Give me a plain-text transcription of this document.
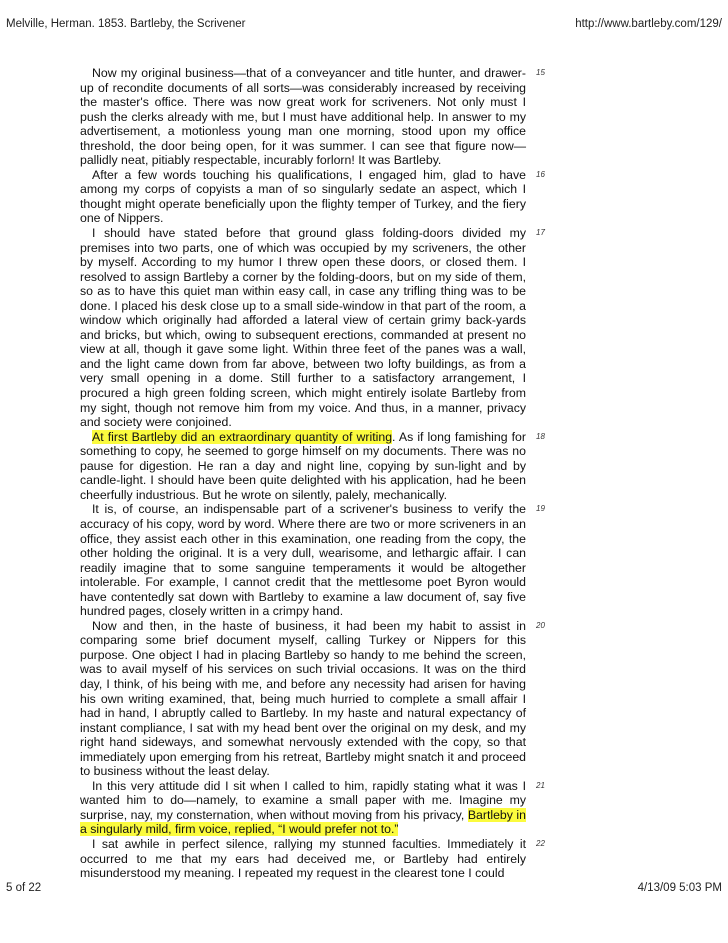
Melville, Herman. 1853. Bartleby, the Scrivener	http://www.bartleby.com/129/

Now my original business—that of a conveyancer and title hunter, and drawer-up of recondite documents of all sorts—was considerably increased by receiving the master's office. There was now great work for scriveners. Not only must I push the clerks already with me, but I must have additional help. In answer to my advertisement, a motionless young man one morning, stood upon my office threshold, the door being open, for it was summer. I can see that figure now—pallidly neat, pitiably respectable, incurably forlorn! It was Bartleby.
15

After a few words touching his qualifications, I engaged him, glad to have among my corps of copyists a man of so singularly sedate an aspect, which I thought might operate beneficially upon the flighty temper of Turkey, and the fiery one of Nippers.
16

I should have stated before that ground glass folding-doors divided my premises into two parts, one of which was occupied by my scriveners, the other by myself. According to my humor I threw open these doors, or closed them. I resolved to assign Bartleby a corner by the folding-doors, but on my side of them, so as to have this quiet man within easy call, in case any trifling thing was to be done. I placed his desk close up to a small side-window in that part of the room, a window which originally had afforded a lateral view of certain grimy back-yards and bricks, but which, owing to subsequent erections, commanded at present no view at all, though it gave some light. Within three feet of the panes was a wall, and the light came down from far above, between two lofty buildings, as from a very small opening in a dome. Still further to a satisfactory arrangement, I procured a high green folding screen, which might entirely isolate Bartleby from my sight, though not remove him from my voice. And thus, in a manner, privacy and society were conjoined.
17

At first Bartleby did an extraordinary quantity of writing. As if long famishing for something to copy, he seemed to gorge himself on my documents. There was no pause for digestion. He ran a day and night line, copying by sun-light and by candle-light. I should have been quite delighted with his application, had he been cheerfully industrious. But he wrote on silently, palely, mechanically.
18

It is, of course, an indispensable part of a scrivener's business to verify the accuracy of his copy, word by word. Where there are two or more scriveners in an office, they assist each other in this examination, one reading from the copy, the other holding the original. It is a very dull, wearisome, and lethargic affair. I can readily imagine that to some sanguine temperaments it would be altogether intolerable. For example, I cannot credit that the mettlesome poet Byron would have contentedly sat down with Bartleby to examine a law document of, say five hundred pages, closely written in a crimpy hand.
19

Now and then, in the haste of business, it had been my habit to assist in comparing some brief document myself, calling Turkey or Nippers for this purpose. One object I had in placing Bartleby so handy to me behind the screen, was to avail myself of his services on such trivial occasions. It was on the third day, I think, of his being with me, and before any necessity had arisen for having his own writing examined, that, being much hurried to complete a small affair I had in hand, I abruptly called to Bartleby. In my haste and natural expectancy of instant compliance, I sat with my head bent over the original on my desk, and my right hand sideways, and somewhat nervously extended with the copy, so that immediately upon emerging from his retreat, Bartleby might snatch it and proceed to business without the least delay.
20

In this very attitude did I sit when I called to him, rapidly stating what it was I wanted him to do—namely, to examine a small paper with me. Imagine my surprise, nay, my consternation, when without moving from his privacy, Bartleby in a singularly mild, firm voice, replied, “I would prefer not to.”
21

I sat awhile in perfect silence, rallying my stunned faculties. Immediately it occurred to me that my ears had deceived me, or Bartleby had entirely misunderstood my meaning. I repeated my request in the clearest tone I could
22

5 of 22	4/13/09 5:03 PM
